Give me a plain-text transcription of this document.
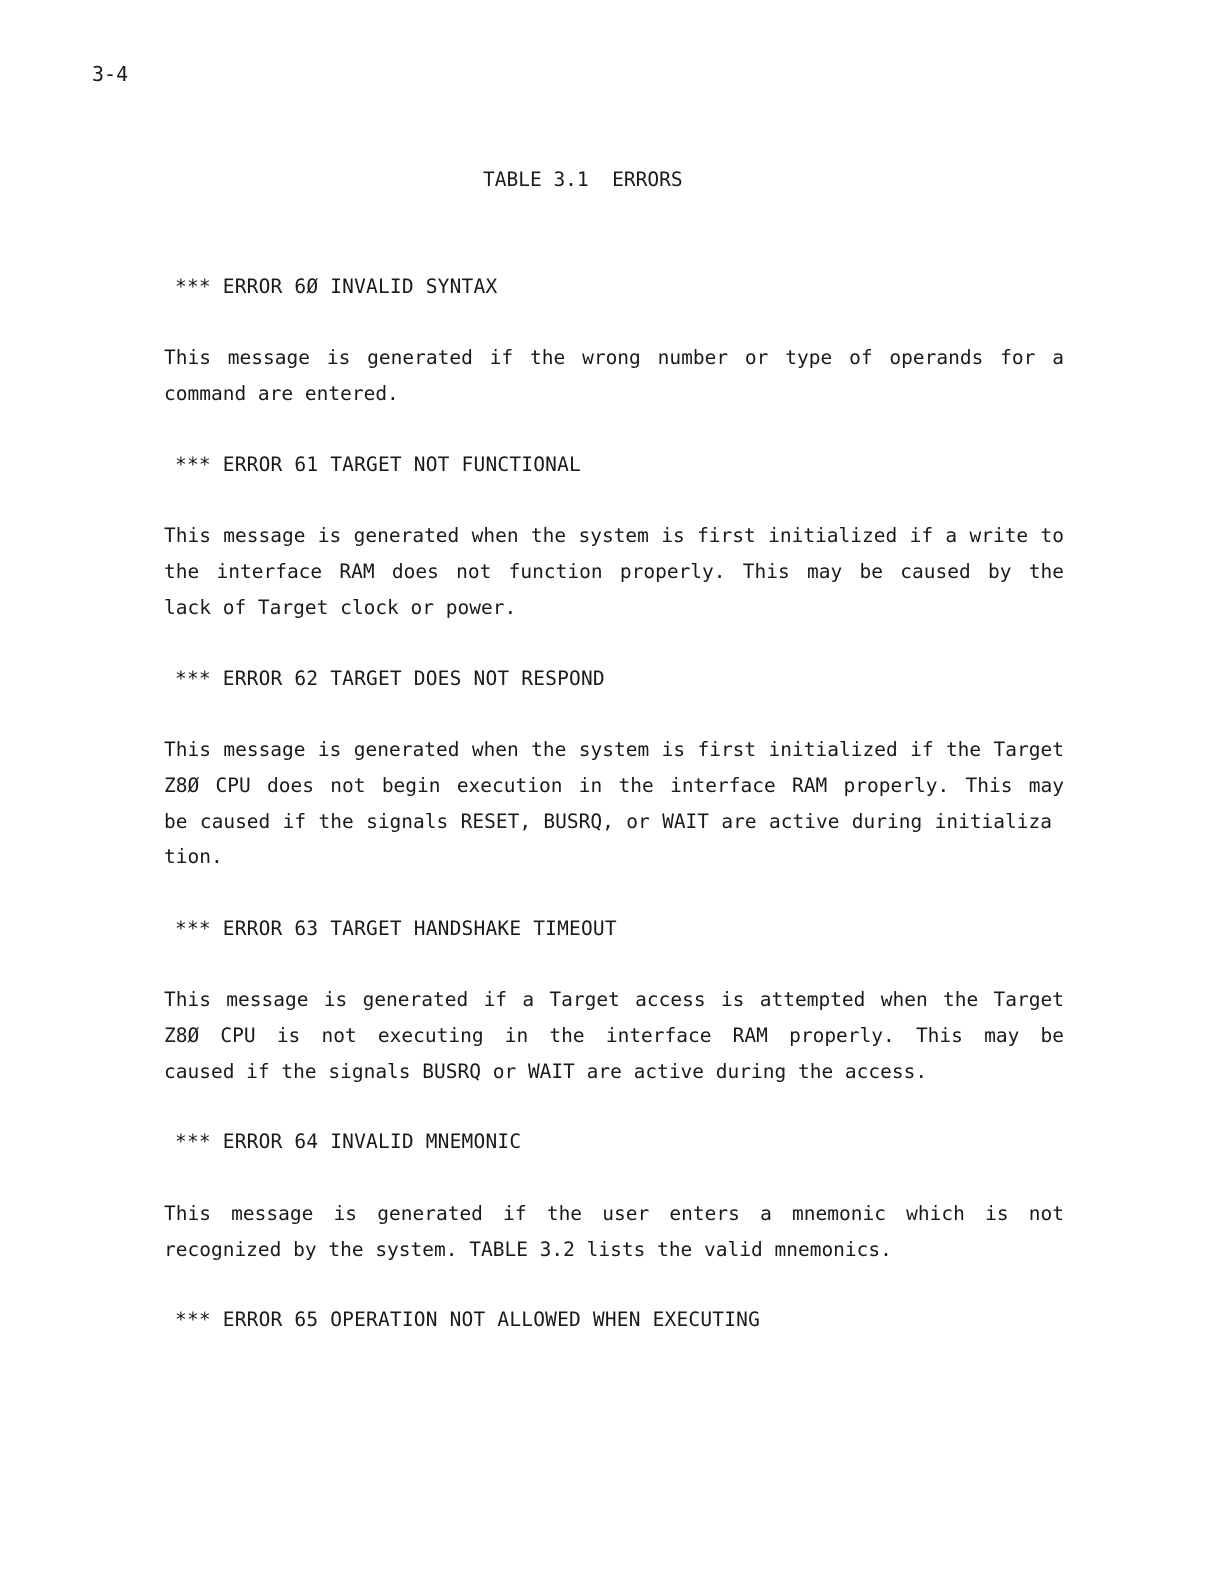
3-4
TABLE 3.1  ERRORS
*** ERROR 6Ø INVALID SYNTAX
This message is generated if the wrong number or type of operands for a
command are entered.
*** ERROR 61 TARGET NOT FUNCTIONAL
This message is generated when the system is first initialized if a write to
the interface RAM does not function properly. This may be caused by the
lack of Target clock or power.
*** ERROR 62 TARGET DOES NOT RESPOND
This message is generated when the system is first initialized if the Target
Z8Ø CPU does not begin execution in the interface RAM properly. This may
be caused if the signals RESET, BUSRQ, or WAIT are active during initializa
tion.
*** ERROR 63 TARGET HANDSHAKE TIMEOUT
This message is generated if a Target access is attempted when the Target
Z8Ø CPU is not executing in the interface RAM properly. This may be
caused if the signals BUSRQ or WAIT are active during the access.
*** ERROR 64 INVALID MNEMONIC
This message is generated if the user enters a mnemonic which is not
recognized by the system. TABLE 3.2 lists the valid mnemonics.
*** ERROR 65 OPERATION NOT ALLOWED WHEN EXECUTING
